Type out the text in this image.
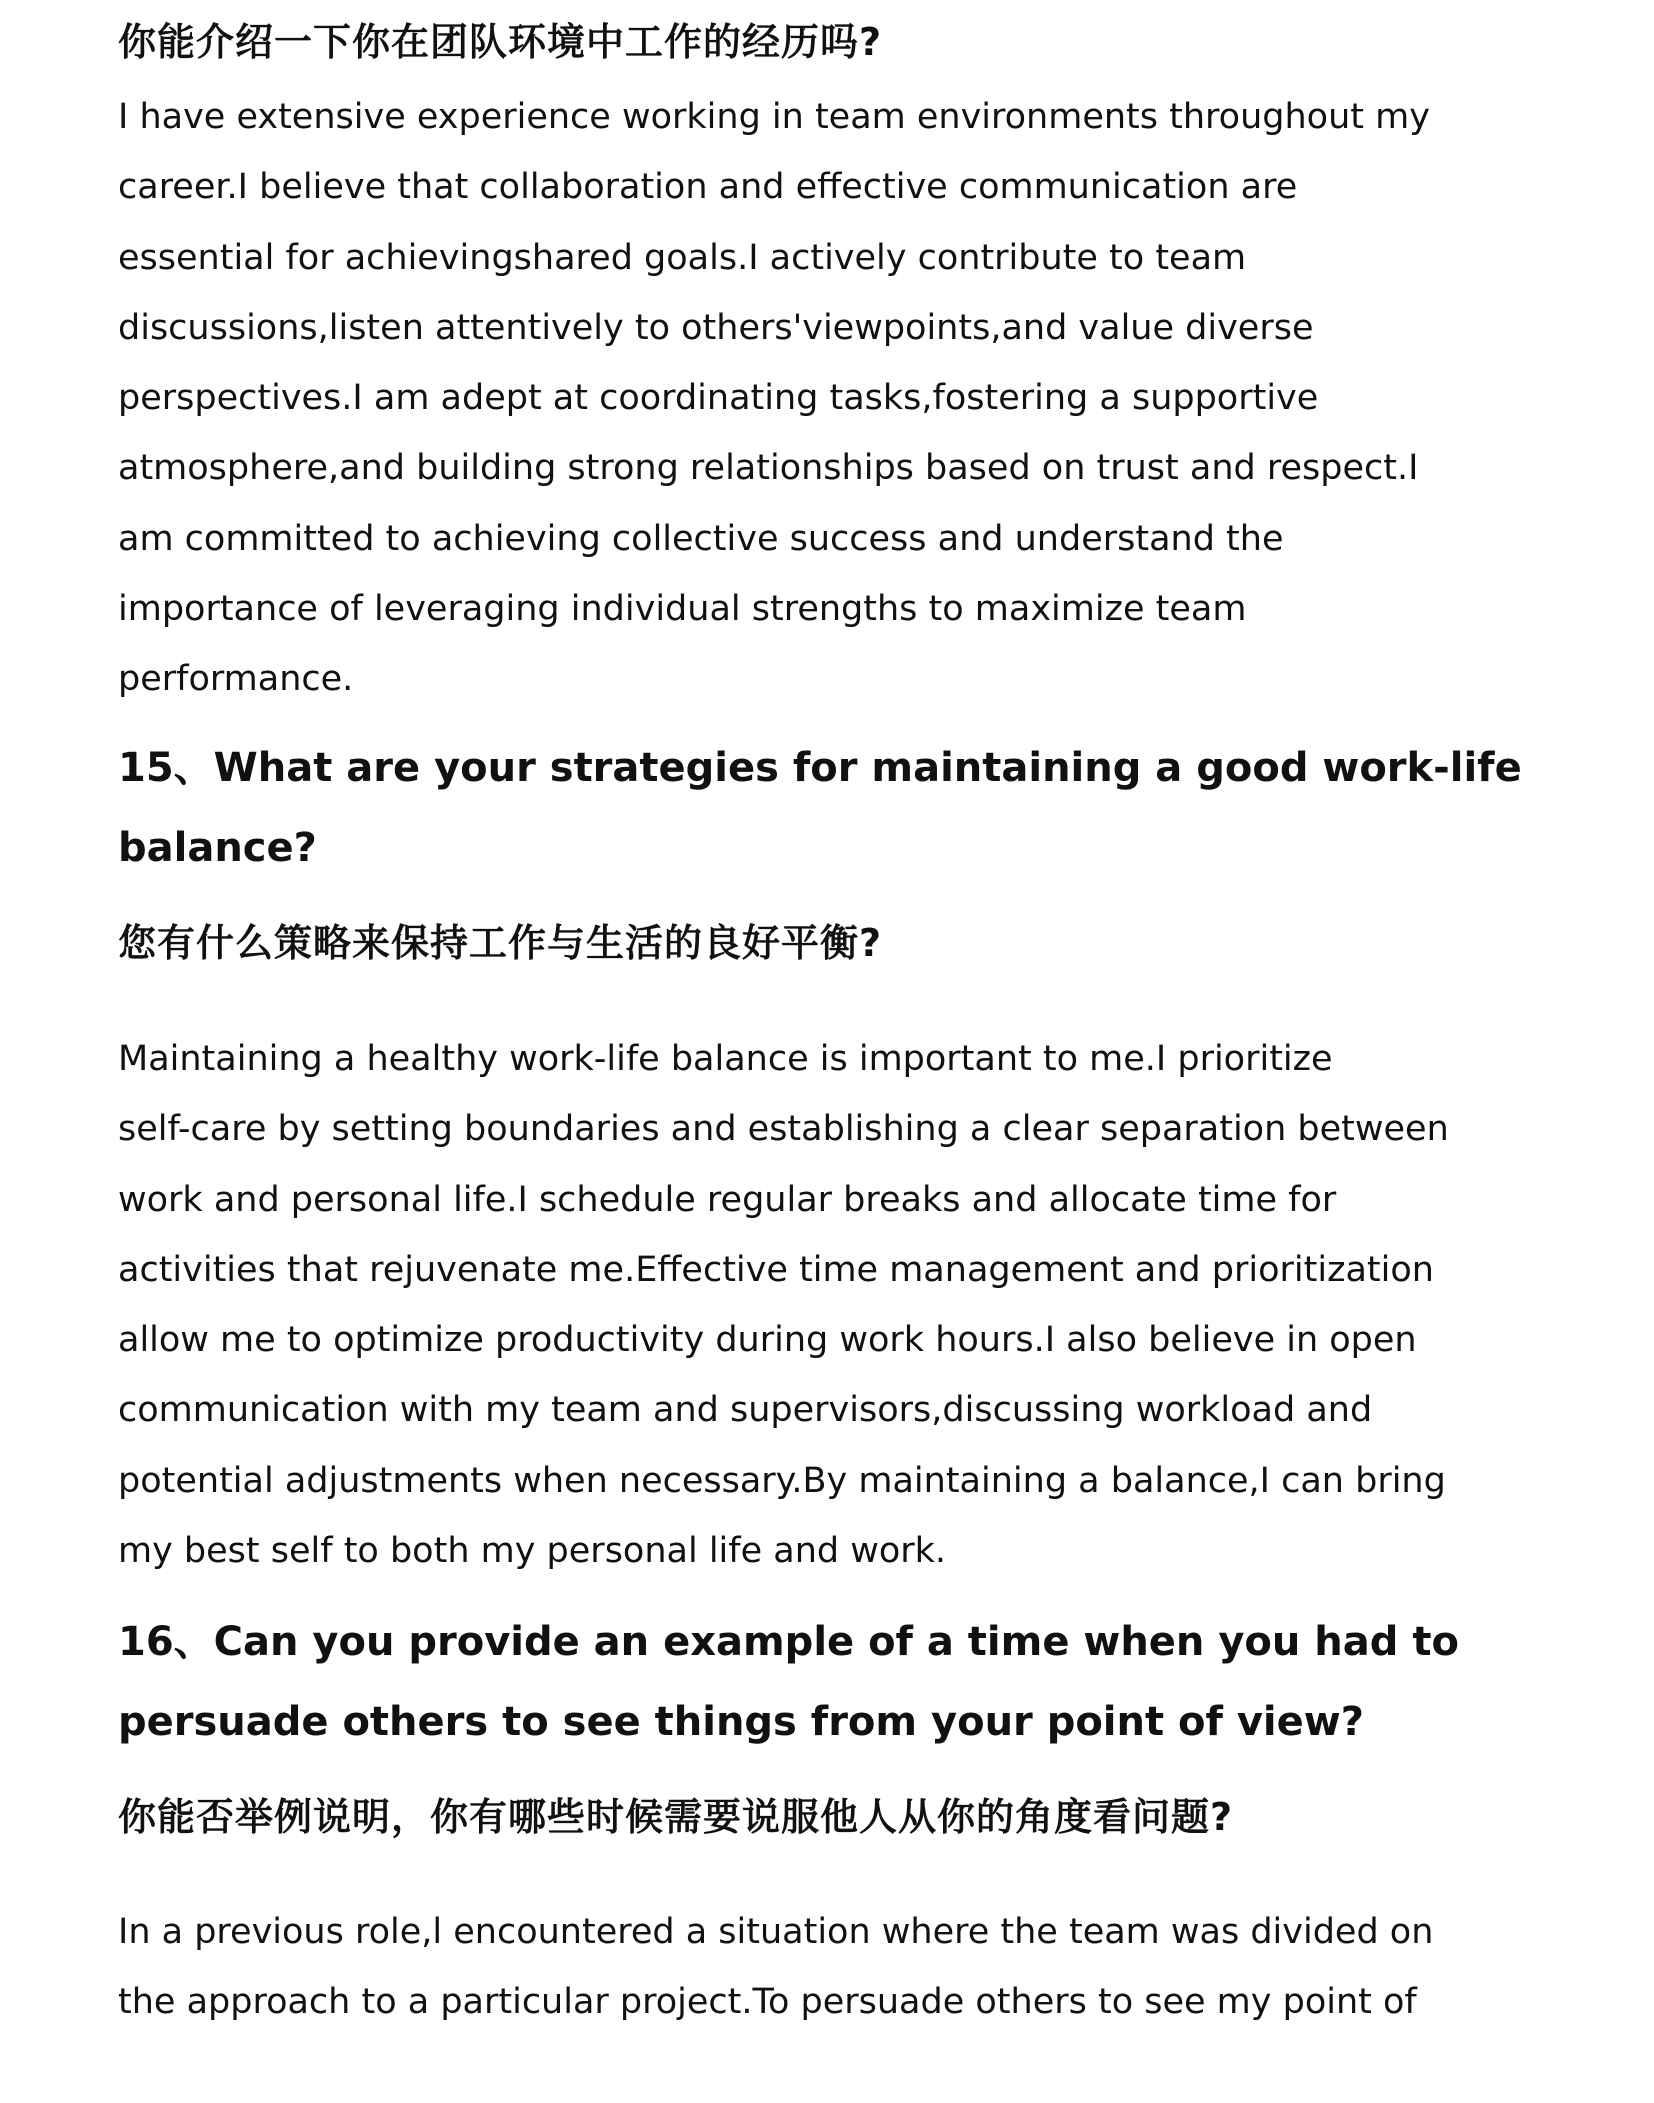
你能介绍一下你在团队环境中工作的经历吗?
I have extensive experience working in team environments throughout my
career.I believe that collaboration and effective communication are
essential for achievingshared goals.I actively contribute to team
discussions,listen attentively to others'viewpoints,and value diverse
perspectives.I am adept at coordinating tasks,fostering a supportive
atmosphere,and building strong relationships based on trust and respect.I
am committed to achieving collective success and understand the
importance of leveraging individual strengths to maximize team
performance.
15、What are your strategies for maintaining a good work-life
balance?
您有什么策略来保持工作与生活的良好平衡?
Maintaining a healthy work-life balance is important to me.I prioritize
self-care by setting boundaries and establishing a clear separation between
work and personal life.I schedule regular breaks and allocate time for
activities that rejuvenate me.Effective time management and prioritization
allow me to optimize productivity during work hours.I also believe in open
communication with my team and supervisors,discussing workload and
potential adjustments when necessary.By maintaining a balance,I can bring
my best self to both my personal life and work.
16、Can you provide an example of a time when you had to
persuade others to see things from your point of view?
你能否举例说明，你有哪些时候需要说服他人从你的角度看问题?
In a previous role,l encountered a situation where the team was divided on
the approach to a particular project.To persuade others to see my point of
